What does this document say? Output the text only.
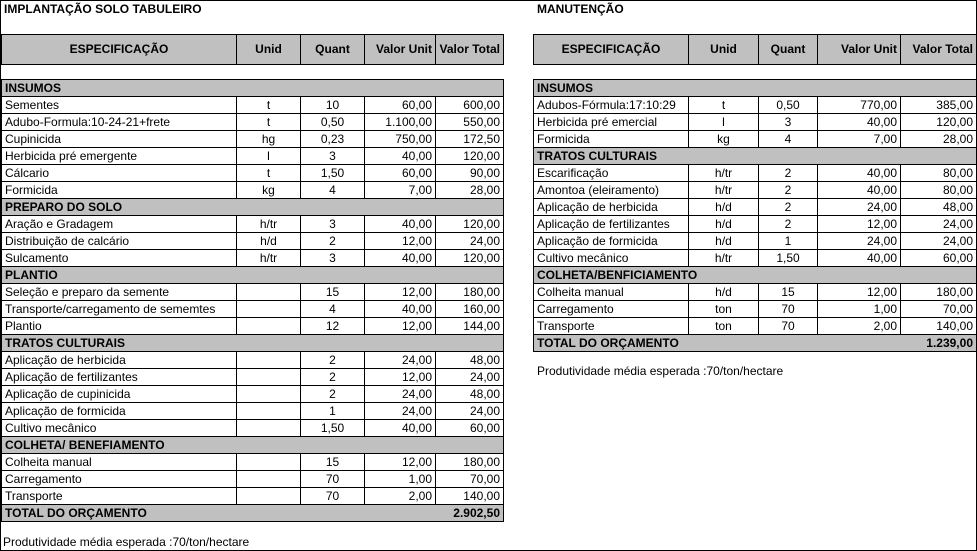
IMPLANTAÇÃO SOLO TABULEIRO	MANUTENÇÃO
ESPECIFICAÇÃO	Unid	Quant	Valor Unit	Valor Total

INSUMOS				
Sementes	t	10	60,00	600,00
Adubo-Formula:10-24-21+frete	t	0,50	1.100,00	550,00
Cupinicida	hg	0,23	750,00	172,50
Herbicida pré emergente	l	3	40,00	120,00
Cálcario	t	1,50	60,00	90,00
Formicida	kg	4	7,00	28,00
PREPARO DO SOLO				
Aração e Gradagem	h/tr	3	40,00	120,00
Distribuição de calcário	h/d	2	12,00	24,00
Sulcamento	h/tr	3	40,00	120,00
PLANTIO				
Seleção e preparo da semente		15	12,00	180,00
Transporte/carregamento de sememtes		4	40,00	160,00
Plantio		12	12,00	144,00
TRATOS CULTURAIS				
Aplicação de herbicida		2	24,00	48,00
Aplicação de fertilizantes		2	12,00	24,00
Aplicação de cupinicida		2	24,00	48,00
Aplicação de formicida		1	24,00	24,00
Cultivo mecânico		1,50	40,00	60,00
COLHETA/ BENEFIAMENTO				
Colheita manual		15	12,00	180,00
Carregamento		70	1,00	70,00
Transporte		70	2,00	140,00
TOTAL DO ORÇAMENTO			2.902,50	
ESPECIFICAÇÃO	Unid	Quant	Valor Unit	Valor Total

INSUMOS				
Adubos-Fórmula:17:10:29	t	0,50	770,00	385,00
Herbicida pré emercial	l	3	40,00	120,00
Formicida	kg	4	7,00	28,00
TRATOS CULTURAIS				
Escarificação	h/tr	2	40,00	80,00
Amontoa (eleiramento)	h/tr	2	40,00	80,00
Aplicação de herbicida	h/d	2	24,00	48,00
Aplicação de fertilizantes	h/d	2	12,00	24,00
Aplicação de formicida	h/d	1	24,00	24,00
Cultivo mecânico	h/tr	1,50	40,00	60,00
COLHETA/BENFICIAMENTO				
Colheita manual	h/d	15	12,00	180,00
Carregamento	ton	70	1,00	70,00
Transporte	ton	70	2,00	140,00
TOTAL DO ORÇAMENTO			1.239,00	
Produtividade média esperada :70/ton/hectare
Produtividade média esperada :70/ton/hectare
